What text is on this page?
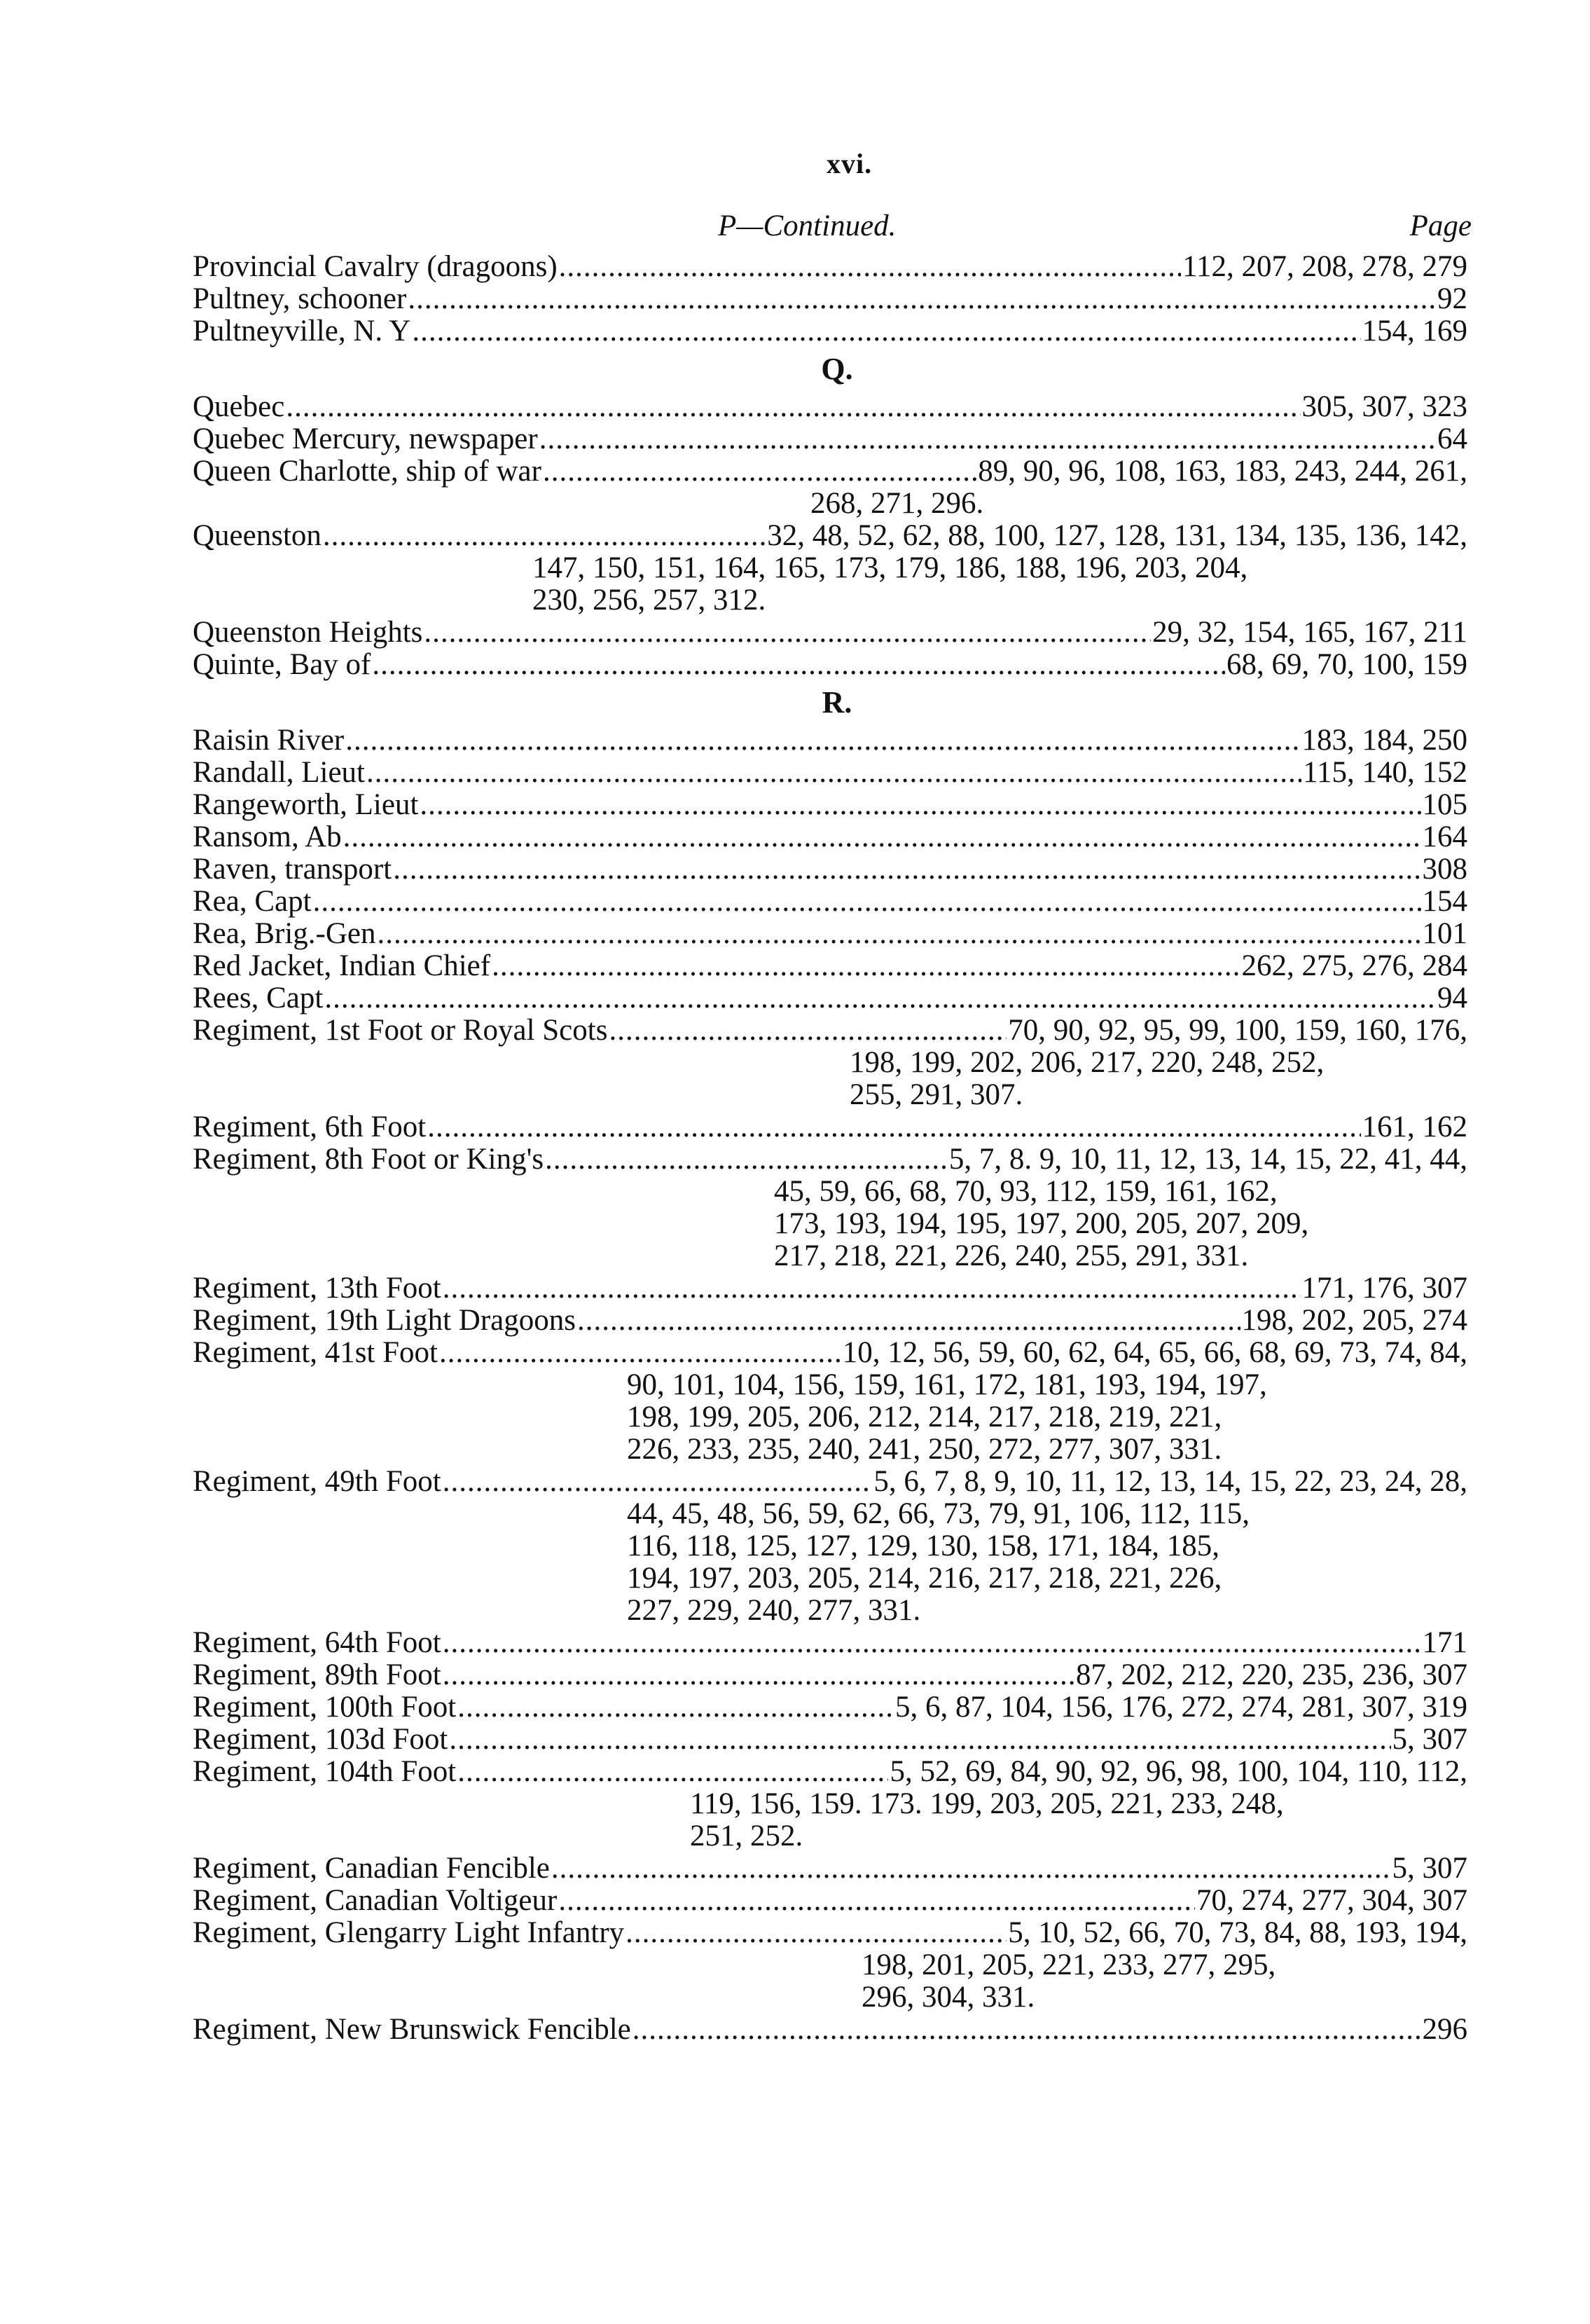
xvi.
P—Continued.	Page
Provincial Cavalry (dragoons) .....	112, 207, 208, 278, 279
Pultney, schooner .....	92
Pultneyville, N. Y .....	154, 169
Q.
Quebec .....	305, 307, 323
Quebec Mercury, newspaper .....	64
Queen Charlotte, ship of war .....	89, 90, 96, 108, 163, 183, 243, 244, 261,
268, 271, 296.
Queenston .....	32, 48, 52, 62, 88, 100, 127, 128, 131, 134, 135, 136, 142,
147, 150, 151, 164, 165, 173, 179, 186, 188, 196, 203, 204,
230, 256, 257, 312.
Queenston Heights .....	29, 32, 154, 165, 167, 211
Quinte, Bay of .....	68, 69, 70, 100, 159
R.
Raisin River .....	183, 184, 250
Randall, Lieut .....	115, 140, 152
Rangeworth, Lieut .....	105
Ransom, Ab .....	164
Raven, transport .....	308
Rea, Capt .....	154
Rea, Brig.-Gen .....	101
Red Jacket, Indian Chief .....	262, 275, 276, 284
Rees, Capt .....	94
Regiment, 1st Foot or Royal Scots .....	70, 90, 92, 95, 99, 100, 159, 160, 176,
198, 199, 202, 206, 217, 220, 248, 252,
255, 291, 307.
Regiment, 6th Foot .....	161, 162
Regiment, 8th Foot or King's .....	5, 7, 8. 9, 10, 11, 12, 13, 14, 15, 22, 41, 44,
45, 59, 66, 68, 70, 93, 112, 159, 161, 162,
173, 193, 194, 195, 197, 200, 205, 207, 209,
217, 218, 221, 226, 240, 255, 291, 331.
Regiment, 13th Foot .....	171, 176, 307
Regiment, 19th Light Dragoons .....	198, 202, 205, 274
Regiment, 41st Foot .....	10, 12, 56, 59, 60, 62, 64, 65, 66, 68, 69, 73, 74, 84,
90, 101, 104, 156, 159, 161, 172, 181, 193, 194, 197,
198, 199, 205, 206, 212, 214, 217, 218, 219, 221,
226, 233, 235, 240, 241, 250, 272, 277, 307, 331.
Regiment, 49th Foot .....	5, 6, 7, 8, 9, 10, 11, 12, 13, 14, 15, 22, 23, 24, 28,
44, 45, 48, 56, 59, 62, 66, 73, 79, 91, 106, 112, 115,
116, 118, 125, 127, 129, 130, 158, 171, 184, 185,
194, 197, 203, 205, 214, 216, 217, 218, 221, 226,
227, 229, 240, 277, 331.
Regiment, 64th Foot .....	171
Regiment, 89th Foot .....	87, 202, 212, 220, 235, 236, 307
Regiment, 100th Foot .....	5, 6, 87, 104, 156, 176, 272, 274, 281, 307, 319
Regiment, 103d Foot .....	5, 307
Regiment, 104th Foot .....	5, 52, 69, 84, 90, 92, 96, 98, 100, 104, 110, 112,
119, 156, 159. 173. 199, 203, 205, 221, 233, 248,
251, 252.
Regiment, Canadian Fencible .....	5, 307
Regiment, Canadian Voltigeur .....	70, 274, 277, 304, 307
Regiment, Glengarry Light Infantry .....	5, 10, 52, 66, 70, 73, 84, 88, 193, 194,
198, 201, 205, 221, 233, 277, 295,
296, 304, 331.
Regiment, New Brunswick Fencible .....	296
